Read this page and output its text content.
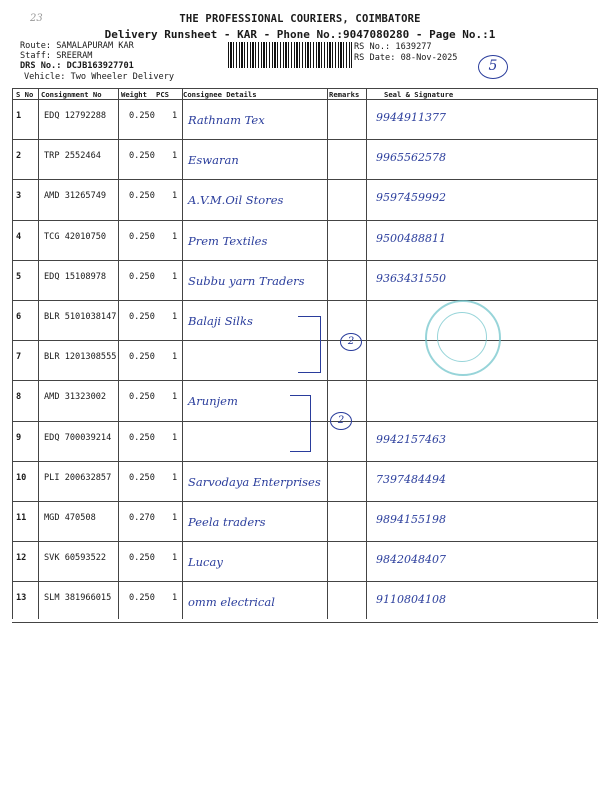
23	THE PROFESSIONAL COURIERS, COIMBATORE
Delivery Runsheet - KAR - Phone No.:9047080280 - Page No.:1
Route: SAMALAPURAM KAR
Staff: SREERAM
DRS No.: DCJB163927701
Vehicle: Two Wheeler Delivery
RS No.: 1639277
RS Date: 08-Nov-2025	5
S No Consignment No	Weight PCS Consignee Details	Remarks	Seal & Signature
1	EDQ 12792288	0.250 1 Rathnam Tex	9944911377
2	TRP 2552464	0.250 1 Eswaran	9965562578
3	AMD 31265749	0.250 1 A.V.M.Oil Stores	9597459992
4	TCG 42010750	0.250 1 Prem Textiles	9500488811
5	EDQ 15108978	0.250 1 Subbu yarn Traders	9363431550
6	BLR 5101038147 0.250 1 Balaji Silks
7	BLR 1201308555 0.250 1
8	AMD 31323002	0.250 1 Arunjem
9	EDQ 700039214 0.250 1	9942157463
10 PLI 200632857 0.250 1 Sarvodaya Enterprises	7397484494
11 MGD 470508	0.270 1 Peela traders	9894155198
12 SVK 60593522	0.250 1 Lucay	9842048407
13 SLM 381966015 0.250 1 omm electrical	9110804108
2
2
